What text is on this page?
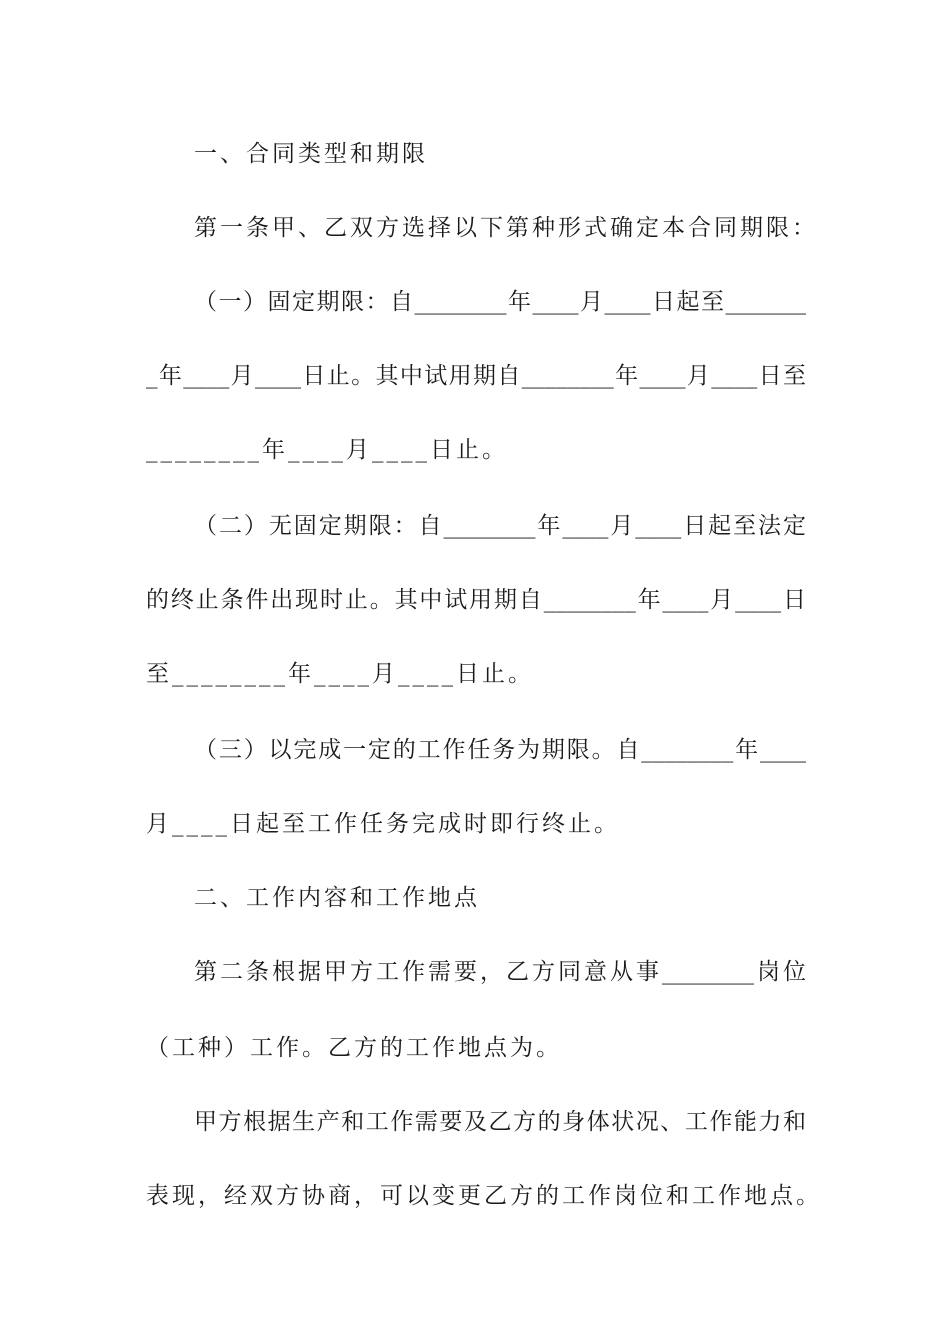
一、合同类型和期限
第一条甲、乙双方选择以下第种形式确定本合同期限：
（一）固定期限：自________年____月____日起至_______
_年____月____日止。其中试用期自________年____月____日至
________年____月____日止。
（二）无固定期限：自________年____月____日起至法定
的终止条件出现时止。其中试用期自________年____月____日
至________年____月____日止。
（三）以完成一定的工作任务为期限。自________年____
月____日起至工作任务完成时即行终止。
二、工作内容和工作地点
第二条根据甲方工作需要，乙方同意从事________岗位
（工种）工作。乙方的工作地点为。
甲方根据生产和工作需要及乙方的身体状况、工作能力和
表现，经双方协商，可以变更乙方的工作岗位和工作地点。
